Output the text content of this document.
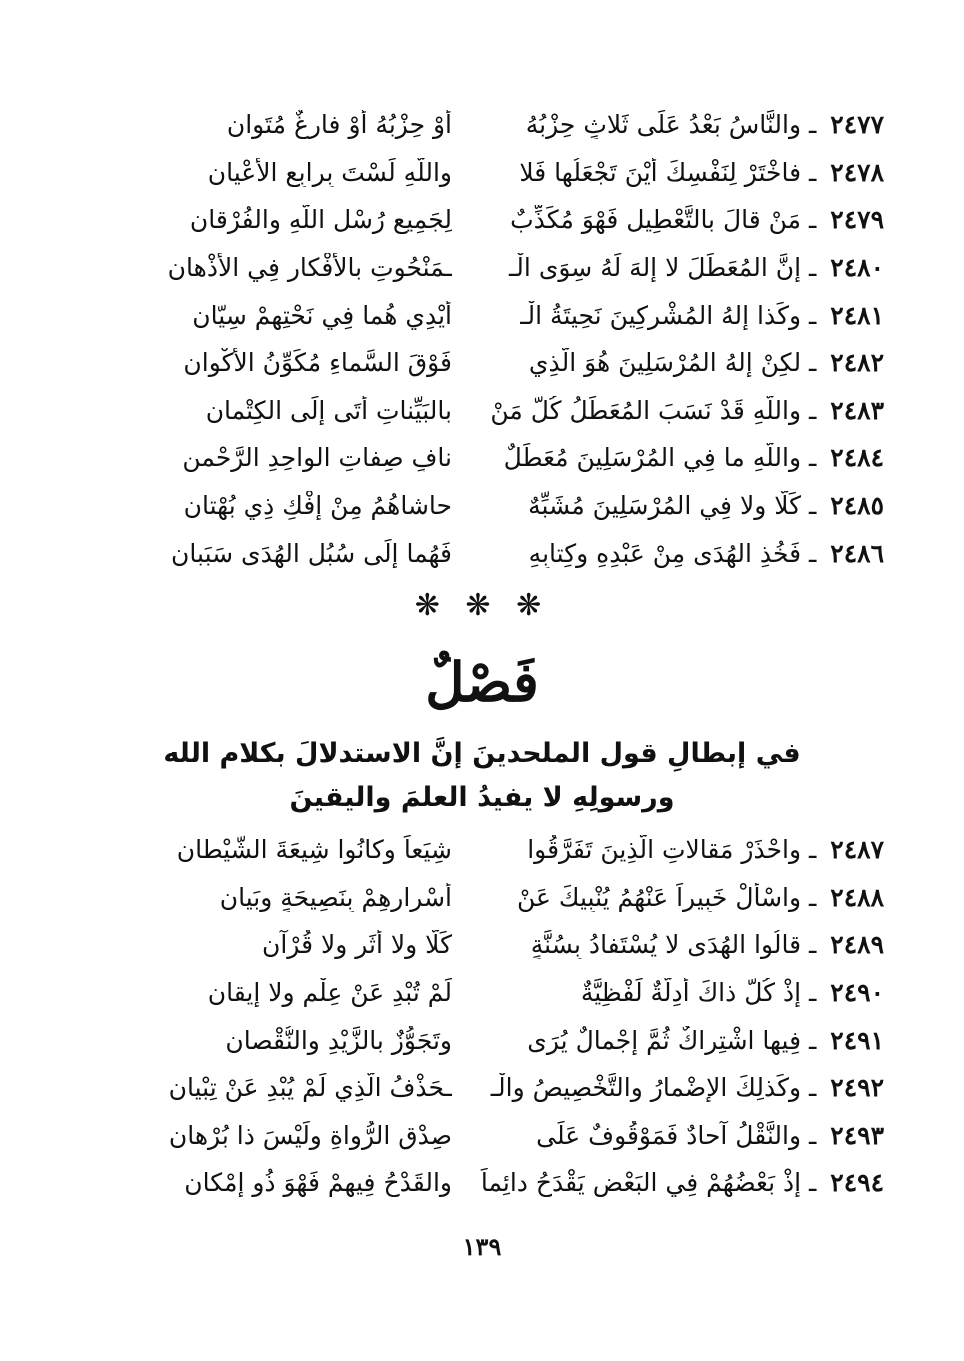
٢٤٧٧ ـ والنَّاسُ بَعْدُ عَلَى ثَلاثٍ حِزْبُهُ
أوْ حِزْبُهُ أوْ فارِغٌ مُتَوانِ
٢٤٧٨ ـ فاخْتَرْ لِنَفْسِكَ أيْنَ تَجْعَلُها فَلا
واللّهِ لَسْتَ بِرابِعِ الأعْيانِ
٢٤٧٩ ـ مَنْ قالَ بالتَّعْطِيلِ فَهْوَ مُكَذِّبٌ
لِجَمِيعِ رُسْلِ اللّهِ والفُرْقانِ
٢٤٨٠ ـ إنَّ المُعَطِّلَ لا إلهَ لَهُ سِوَى الْـ
ـمَنْحُوتِ بالأفْكارِ فِي الأذْهانِ
٢٤٨١ ـ وكَذا إلهُ المُشْرِكِينَ نَحِيتَةُ الْـ
أيْدِي هُما فِي نَحْتِهِمْ سِيّانِ
٢٤٨٢ ـ لكِنْ إلهُ المُرْسَلِينَ هُوَ الَّذِي
فَوْقَ السَّماءِ مُكَوِّنُ الأكْوانِ
٢٤٨٣ ـ واللّهِ قَدْ نَسَبَ المُعَطِّلُ كُلَّ مَنْ
بالبَيِّناتِ أتَى إلَى الكِتْمانِ
٢٤٨٤ ـ واللّهِ ما فِي المُرْسَلِينَ مُعَطِّلٌ
نافٍ صِفاتِ الواحِدِ الرَّحْمنِ
٢٤٨٥ ـ كَلّا ولا فِي المُرْسَلِينَ مُشَبِّهٌ
حاشاهُمُ مِنْ إفْكِ ذِي بُهْتانِ
٢٤٨٦ ـ فَخُذِ الهُدَى مِنْ عَبْدِهِ وكِتابِهِ
فَهُما إلَى سُبُلِ الهُدَى سَبَبانِ
❋ ❋ ❋
فَصْلٌ
في إبطالِ قول الملحدينَ إنَّ الاستدلالَ بكلام الله
ورسولِهِ لا يفيدُ العلمَ واليقينَ
٢٤٨٧ ـ واحْذَرْ مَقالاتِ الَّذِينَ تَفَرَّقُوا
شِيَعاً وكانُوا شِيعَةَ الشَّيْطانِ
٢٤٨٨ ـ واسْألْ خَبِيراً عَنْهُمُ يُنْبِيكَ عَنْ
أسْرارِهِمْ بِنَصِيحَةٍ وبَيانِ
٢٤٨٩ ـ قالُوا الهُدَى لا يُسْتَفادُ بِسُنَّةٍ
كَلّا ولا أثَرٍ ولا قُرْآنِ
٢٤٩٠ ـ إذْ كُلُّ ذاكَ أدِلَّةٌ لَفْظِيَّةٌ
لَمْ تُبْدِ عَنْ عِلْمٍ ولا إيقانِ
٢٤٩١ ـ فِيها اشْتِراكٌ ثُمَّ إجْمالٌ يُرَى
وتَجَوُّزٌ بالزَّيْدِ والنُّقْصانِ
٢٤٩٢ ـ وكَذلِكَ الإضْمارُ والتَّخْصِيصُ والْـ
ـحَذْفُ الَّذِي لَمْ يُبْدِ عَنْ تِبْيانِ
٢٤٩٣ ـ والنَّقْلُ آحادٌ فَمَوْقُوفٌ عَلَى
صِدْقِ الرُّواةِ ولَيْسَ ذا بُرْهانِ
٢٤٩٤ ـ إذْ بَعْضُهُمْ فِي البَعْضِ يَقْدَحُ دائِماً
والقَدْحُ فِيهِمْ فَهْوَ ذُو إمْكانِ
١٣٩
